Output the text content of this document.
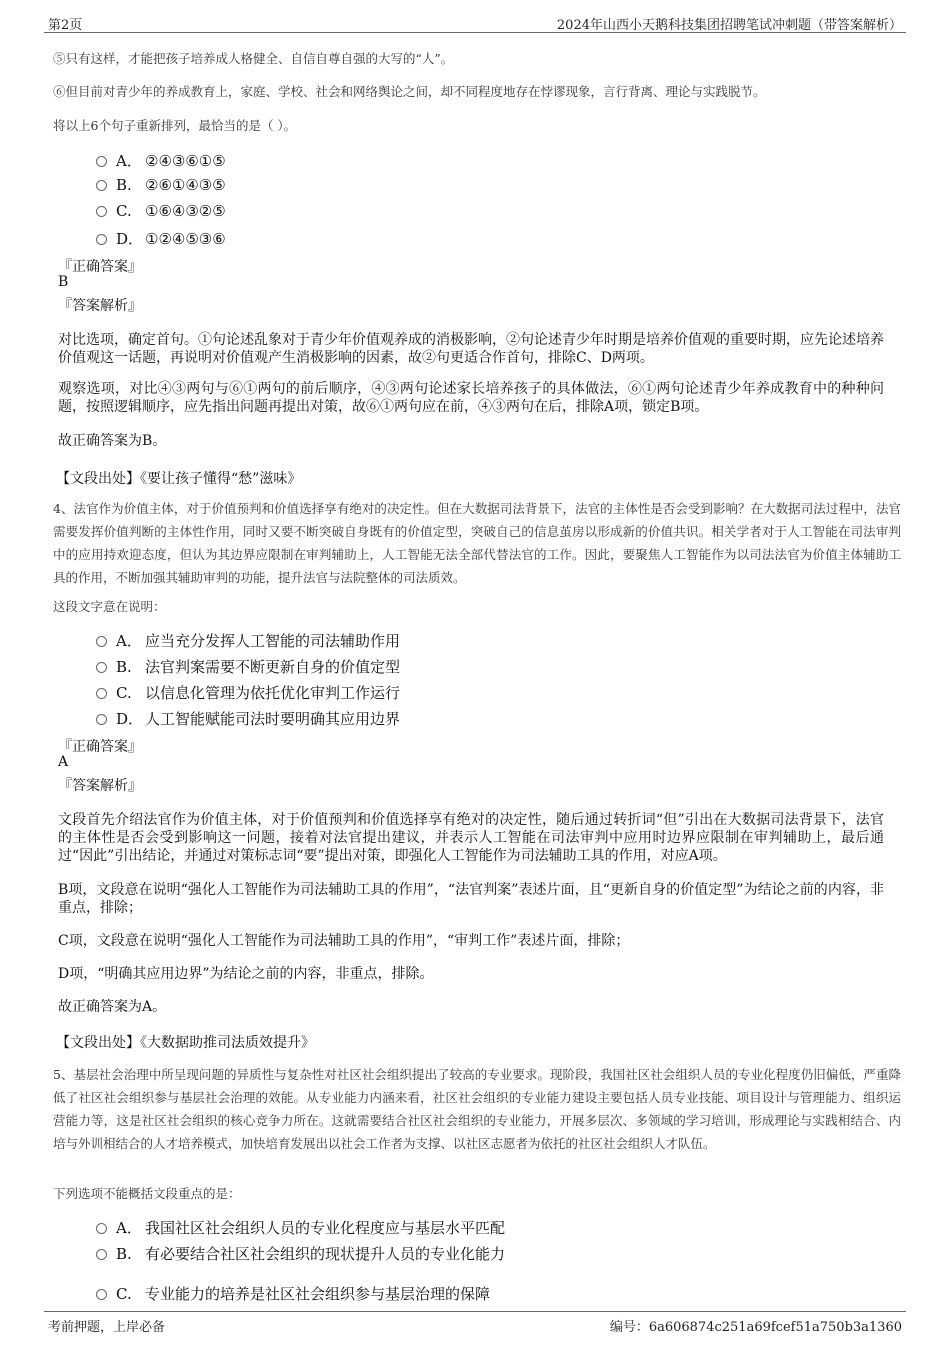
第2页	2024年山西小天鹅科技集团招聘笔试冲刺题（带答案解析）
⑤只有这样，才能把孩子培养成人格健全、自信自尊自强的大写的“人”。
⑥但目前对青少年的养成教育上，家庭、学校、社会和网络舆论之间，却不同程度地存在悖谬现象，言行背离、理论与实践脱节。
将以上6个句子重新排列，最恰当的是（ ）。
A． ②④③⑥①⑤
B. ②⑥①④③⑤
C. ①⑥④③②⑤
D． ①②④⑤③⑥
『正确答案』
B
『答案解析』

对比选项，确定首句。①句论述乱象对于青少年价值观养成的消极影响，②句论述青少年时期是培养价值观的重要时期，应先论述培养价值观这一话题，再说明对价值观产生消极影响的因素，故②句更适合作首句，排除C、D两项。

观察选项，对比④③两句与⑥①两句的前后顺序，④③两句论述家长培养孩子的具体做法，⑥①两句论述青少年养成教育中的种种问题，按照逻辑顺序，应先指出问题再提出对策，故⑥①两句应在前，④③两句在后，排除A项，锁定B项。

故正确答案为B。

【文段出处】《要让孩子懂得“愁”滋味》

4、法官作为价值主体，对于价值预判和价值选择享有绝对的决定性。但在大数据司法背景下，法官的主体性是否会受到影响？在大数据司法过程中，法官需要发挥价值判断的主体性作用，同时又要不断突破自身既有的价值定型，突破自己的信息茧房以形成新的价值共识。相关学者对于人工智能在司法审判中的应用持欢迎态度，但认为其边界应限制在审判辅助上，人工智能无法全部代替法官的工作。因此，要聚焦人工智能作为以司法法官为价值主体辅助工具的作用，不断加强其辅助审判的功能，提升法官与法院整体的司法质效。

这段文字意在说明：
A． 应当充分发挥人工智能的司法辅助作用
B. 法官判案需要不断更新自身的价值定型
C. 以信息化管理为依托优化审判工作运行
D． 人工智能赋能司法时要明确其应用边界
『正确答案』
A
『答案解析』

文段首先介绍法官作为价值主体，对于价值预判和价值选择享有绝对的决定性，随后通过转折词“但”引出在大数据司法背景下，法官的主体性是否会受到影响这一问题，接着对法官提出建议，并表示人工智能在司法审判中应用时边界应限制在审判辅助上，最后通过“因此”引出结论，并通过对策标志词“要”提出对策，即强化人工智能作为司法辅助工具的作用，对应A项。

B项，文段意在说明“强化人工智能作为司法辅助工具的作用”，“法官判案”表述片面，且“更新自身的价值定型”为结论之前的内容，非重点，排除；

C项，文段意在说明“强化人工智能作为司法辅助工具的作用”，“审判工作”表述片面，排除；

D项，“明确其应用边界”为结论之前的内容，非重点，排除。

故正确答案为A。

【文段出处】《大数据助推司法质效提升》

5、基层社会治理中所呈现问题的异质性与复杂性对社区社会组织提出了较高的专业要求。现阶段，我国社区社会组织人员的专业化程度仍旧偏低，严重降低了社区社会组织参与基层社会治理的效能。从专业能力内涵来看，社区社会组织的专业能力建设主要包括人员专业技能、项目设计与管理能力、组织运营能力等，这是社区社会组织的核心竞争力所在。这就需要结合社区社会组织的专业能力，开展多层次、多领域的学习培训，形成理论与实践相结合、内培与外训相结合的人才培养模式，加快培育发展出以社会工作者为支撑、以社区志愿者为依托的社区社会组织人才队伍。

下列选项不能概括文段重点的是：
A． 我国社区社会组织人员的专业化程度应与基层水平匹配
B. 有必要结合社区社会组织的现状提升人员的专业化能力
C. 专业能力的培养是社区社会组织参与基层治理的保障
考前押题，上岸必备	编号：6a606874c251a69fcef51a750b3a1360
